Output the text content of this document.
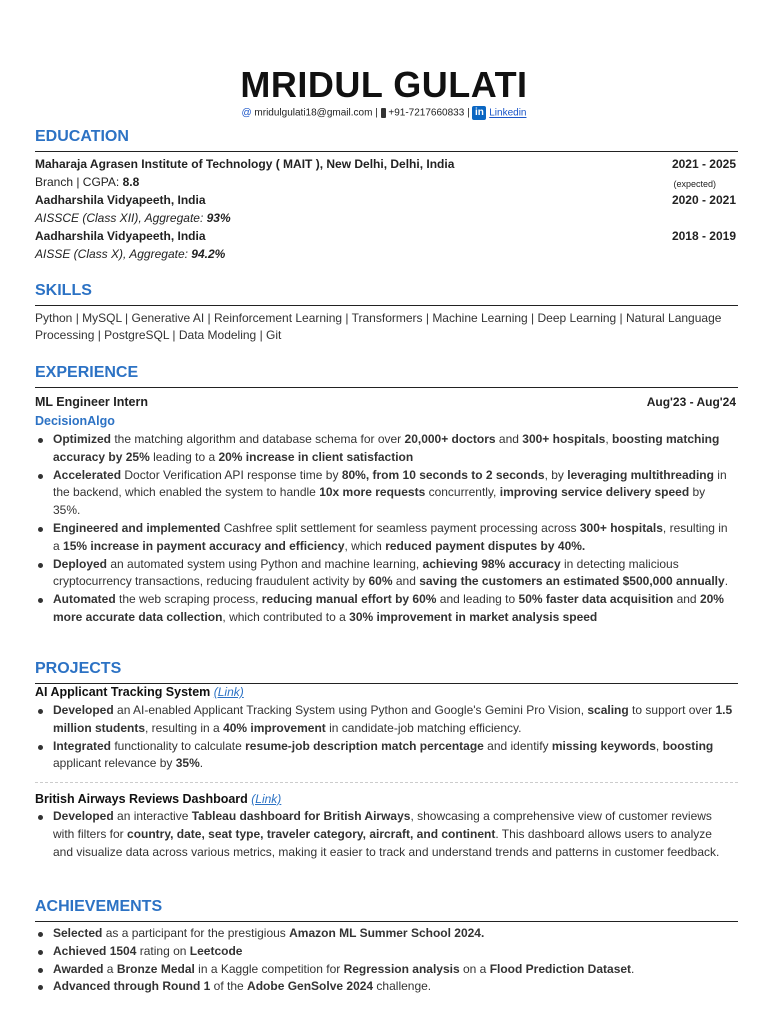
MRIDUL GULATI
@ mridulgulati18@gmail.com | +91-7217660833 | in Linkedin
EDUCATION
Maharaja Agrasen Institute of Technology ( MAIT ), New Delhi, Delhi, India	2021 - 2025
Branch | CGPA: 8.8	(expected)
Aadharshila Vidyapeeth, India	2020 - 2021
AISSCE (Class XII), Aggregate: 93%
Aadharshila Vidyapeeth, India	2018 - 2019
AISSE (Class X), Aggregate: 94.2%
SKILLS
Python | MySQL | Generative AI | Reinforcement Learning | Transformers | Machine Learning | Deep Learning | Natural Language Processing | PostgreSQL | Data Modeling | Git
EXPERIENCE
ML Engineer Intern	Aug'23 - Aug'24
DecisionAlgo
Optimized the matching algorithm and database schema for over 20,000+ doctors and 300+ hospitals, boosting matching accuracy by 25% leading to a 20% increase in client satisfaction
Accelerated Doctor Verification API response time by 80%, from 10 seconds to 2 seconds, by leveraging multithreading in the backend, which enabled the system to handle 10x more requests concurrently, improving service delivery speed by 35%.
Engineered and implemented Cashfree split settlement for seamless payment processing across 300+ hospitals, resulting in a 15% increase in payment accuracy and efficiency, which reduced payment disputes by 40%.
Deployed an automated system using Python and machine learning, achieving 98% accuracy in detecting malicious cryptocurrency transactions, reducing fraudulent activity by 60% and saving the customers an estimated $500,000 annually.
Automated the web scraping process, reducing manual effort by 60% and leading to 50% faster data acquisition and 20% more accurate data collection, which contributed to a 30% improvement in market analysis speed
PROJECTS
AI Applicant Tracking System (Link)
Developed an AI-enabled Applicant Tracking System using Python and Google's Gemini Pro Vision, scaling to support over 1.5 million students, resulting in a 40% improvement in candidate-job matching efficiency.
Integrated functionality to calculate resume-job description match percentage and identify missing keywords, boosting applicant relevance by 35%.
British Airways Reviews Dashboard (Link)
Developed an interactive Tableau dashboard for British Airways, showcasing a comprehensive view of customer reviews with filters for country, date, seat type, traveler category, aircraft, and continent. This dashboard allows users to analyze and visualize data across various metrics, making it easier to track and understand trends and patterns in customer feedback.
ACHIEVEMENTS
Selected as a participant for the prestigious Amazon ML Summer School 2024.
Achieved 1504 rating on Leetcode
Awarded a Bronze Medal in a Kaggle competition for Regression analysis on a Flood Prediction Dataset.
Advanced through Round 1 of the Adobe GenSolve 2024 challenge.
